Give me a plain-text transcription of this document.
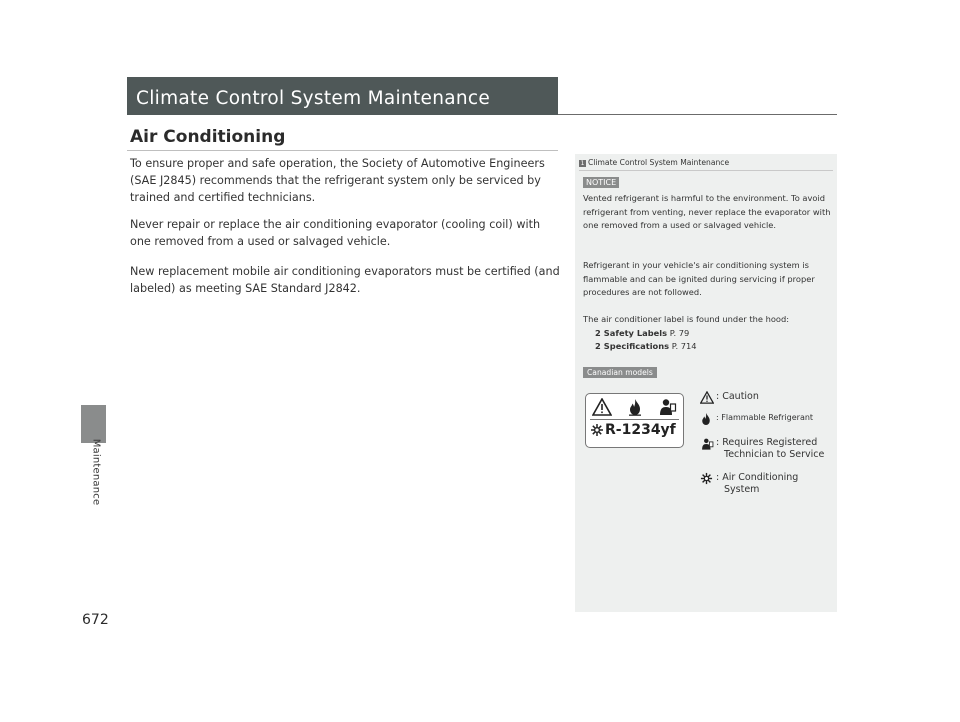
Maintenance
672
Climate Control System Maintenance
Air Conditioning

To ensure proper and safe operation, the Society of Automotive Engineers (SAE J2845) recommends that the refrigerant system only be serviced by trained and certified technicians.

Never repair or replace the air conditioning evaporator (cooling coil) with one removed from a used or salvaged vehicle.

New replacement mobile air conditioning evaporators must be certified (and labeled) as meeting SAE Standard J2842.

1 Climate Control System Maintenance
NOTICE

Vented refrigerant is harmful to the environment. To avoid refrigerant from venting, never replace the evaporator with one removed from a used or salvaged vehicle.

Refrigerant in your vehicle's air conditioning system is flammable and can be ignited during servicing if proper procedures are not followed.

The air conditioner label is found under the hood:

2 Safety Labels P. 79

2 Specifications P. 714

Canadian models
R-1234yf
: Caution
: Flammable Refrigerant
: Requires Registered
Technician to Service
: Air Conditioning
System
